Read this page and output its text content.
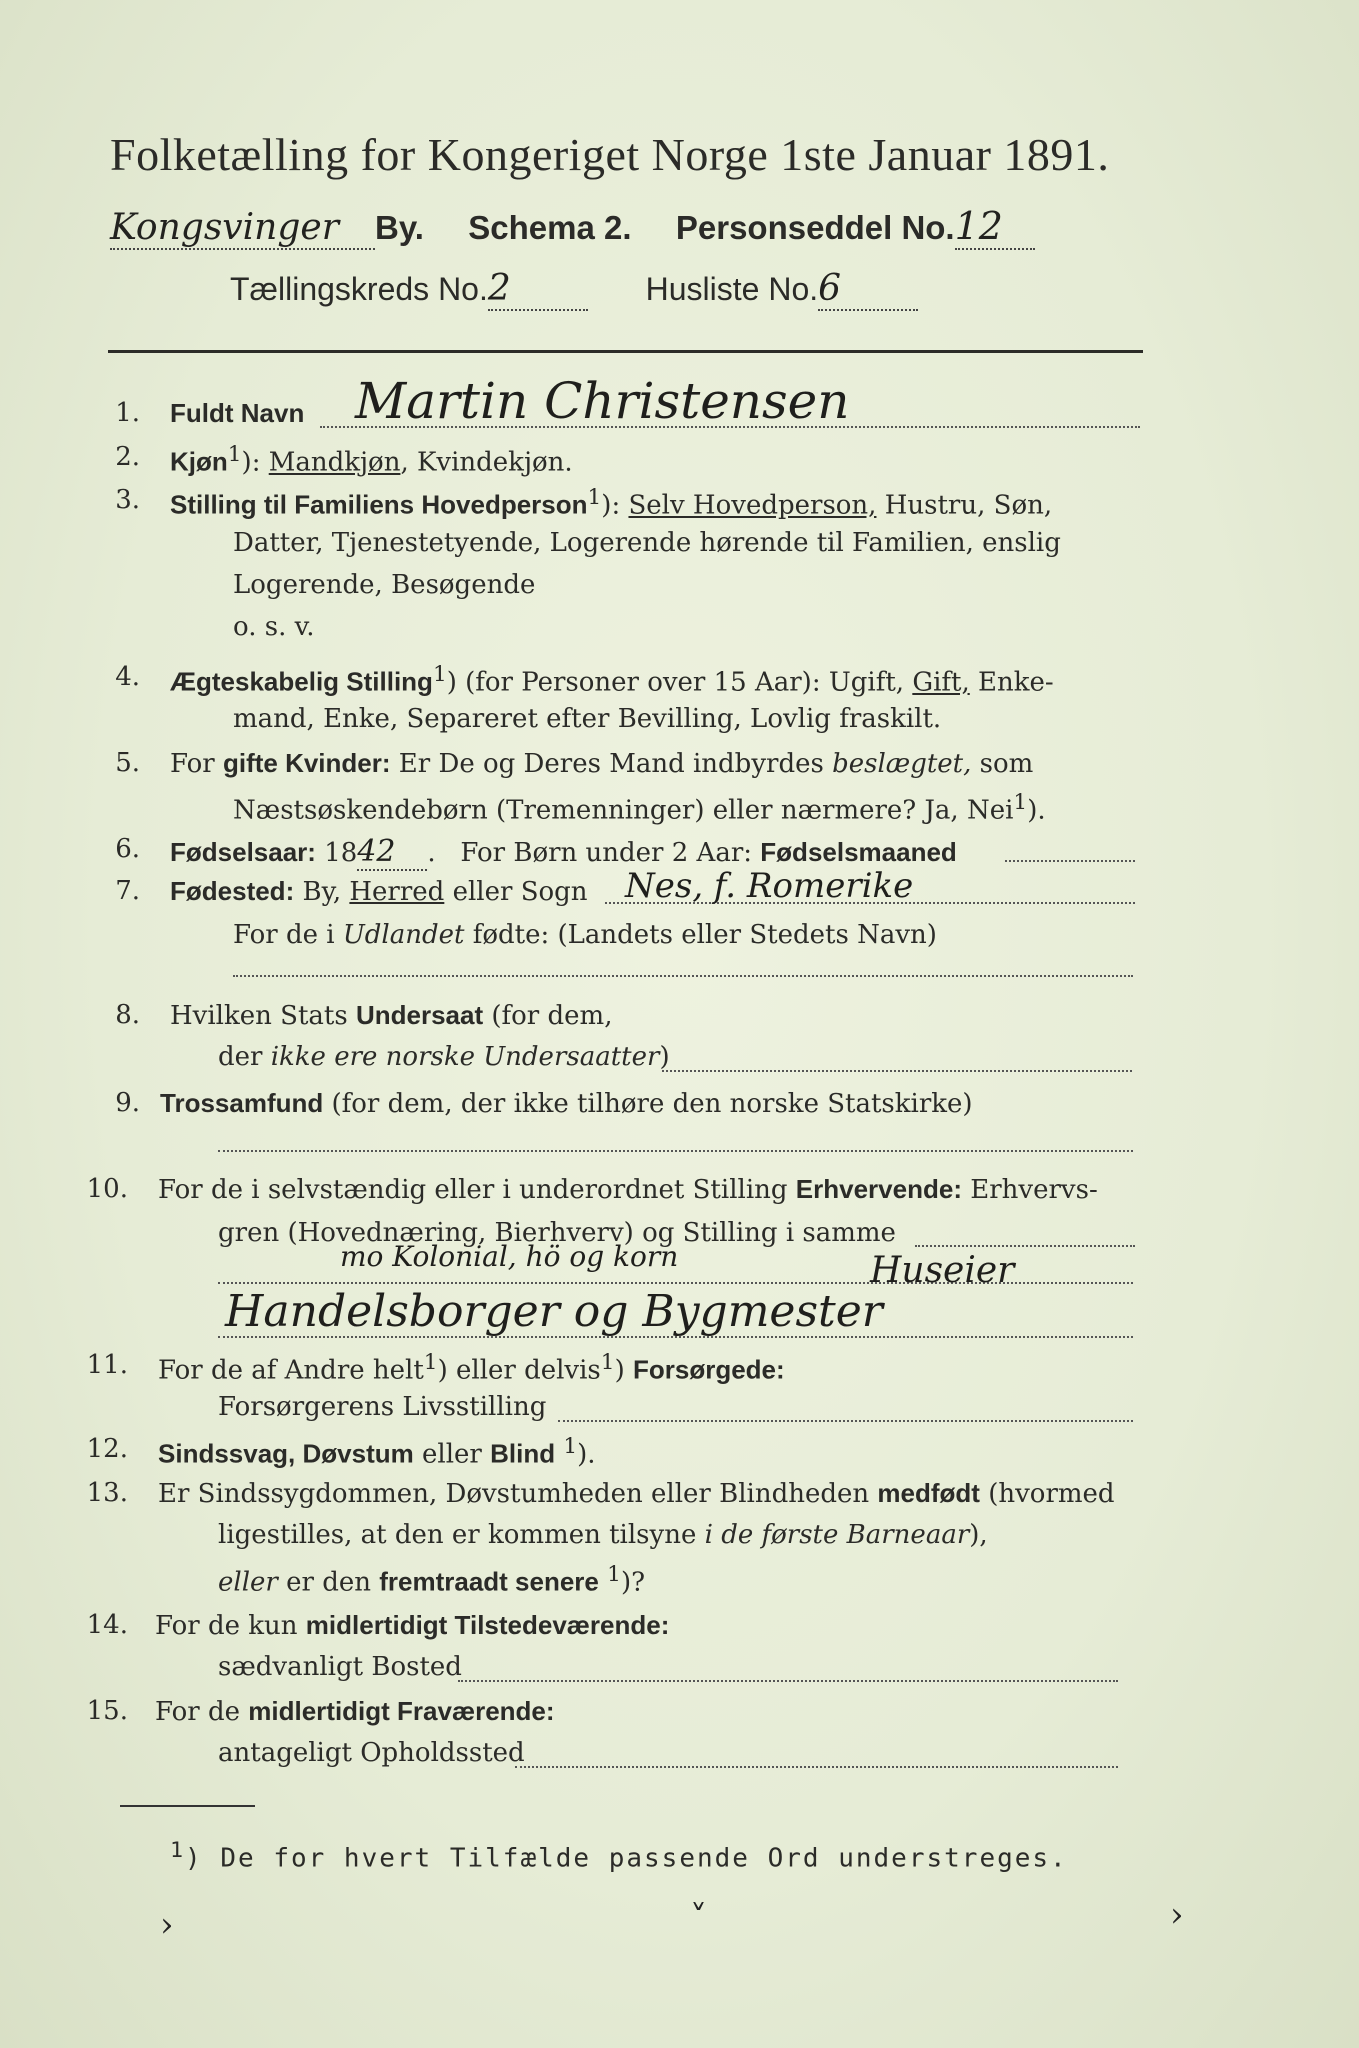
Folketælling for Kongeriget Norge 1ste Januar 1891.
Kongsvinger By. Schema 2. Personseddel No.12
Tællingskreds No.2	Husliste No.6
1. Fuldt Navn Martin Christensen
2. Kjøn$^1$): Mandkjøn, Kvindekjøn.
3. Stilling til Familiens Hovedperson$^1$): Selv Hovedperson, Hustru, Søn,
Datter, Tjenestetyende, Logerende hørende til Familien, enslig
Logerende, Besøgende
o. s. v.
4. Ægteskabelig Stilling$^1$) (for Personer over 15 Aar): Ugift, Gift, Enke-
mand, Enke, Separeret efter Bevilling, Lovlig fraskilt.
5. For gifte Kvinder: Er De og Deres Mand indbyrdes beslægtet, som
Næstsøskendebørn (Tremenninger) eller nærmere? Ja, Nei$^1$).
6. Fødselsaar: 1842 .   For Børn under 2 Aar: Fødselsmaaned
7. Fødested: By, Herred eller Sogn Nes, f. Romerike
For de i Udlandet fødte: (Landets eller Stedets Navn)
8. Hvilken Stats Undersaat (for dem,
der ikke ere norske Undersaatter)
9. Trossamfund (for dem, der ikke tilhøre den norske Statskirke)
10. For de i selvstændig eller i underordnet Stilling Erhvervende: Erhvervs-
gren (Hovednæring, Bierhverv) og Stilling i samme
mo Kolonial, hö og korn	Huseier
Handelsborger og Bygmester
11. For de af Andre helt$^1$) eller delvis$^1$) Forsørgede:
Forsørgerens Livsstilling
12. Sindssvag, Døvstum eller Blind $^1$).
13. Er Sindssygdommen, Døvstumheden eller Blindheden medfødt (hvormed
ligestilles, at den er kommen tilsyne i de første Barneaar),
eller er den fremtraadt senere $^1$)?
14. For de kun midlertidigt Tilstedeværende:
sædvanligt Bosted
15. For de midlertidigt Fraværende:
antageligt Opholdssted
$^1$) De for hvert Tilfælde passende Ord understreges.
›	˅	›
